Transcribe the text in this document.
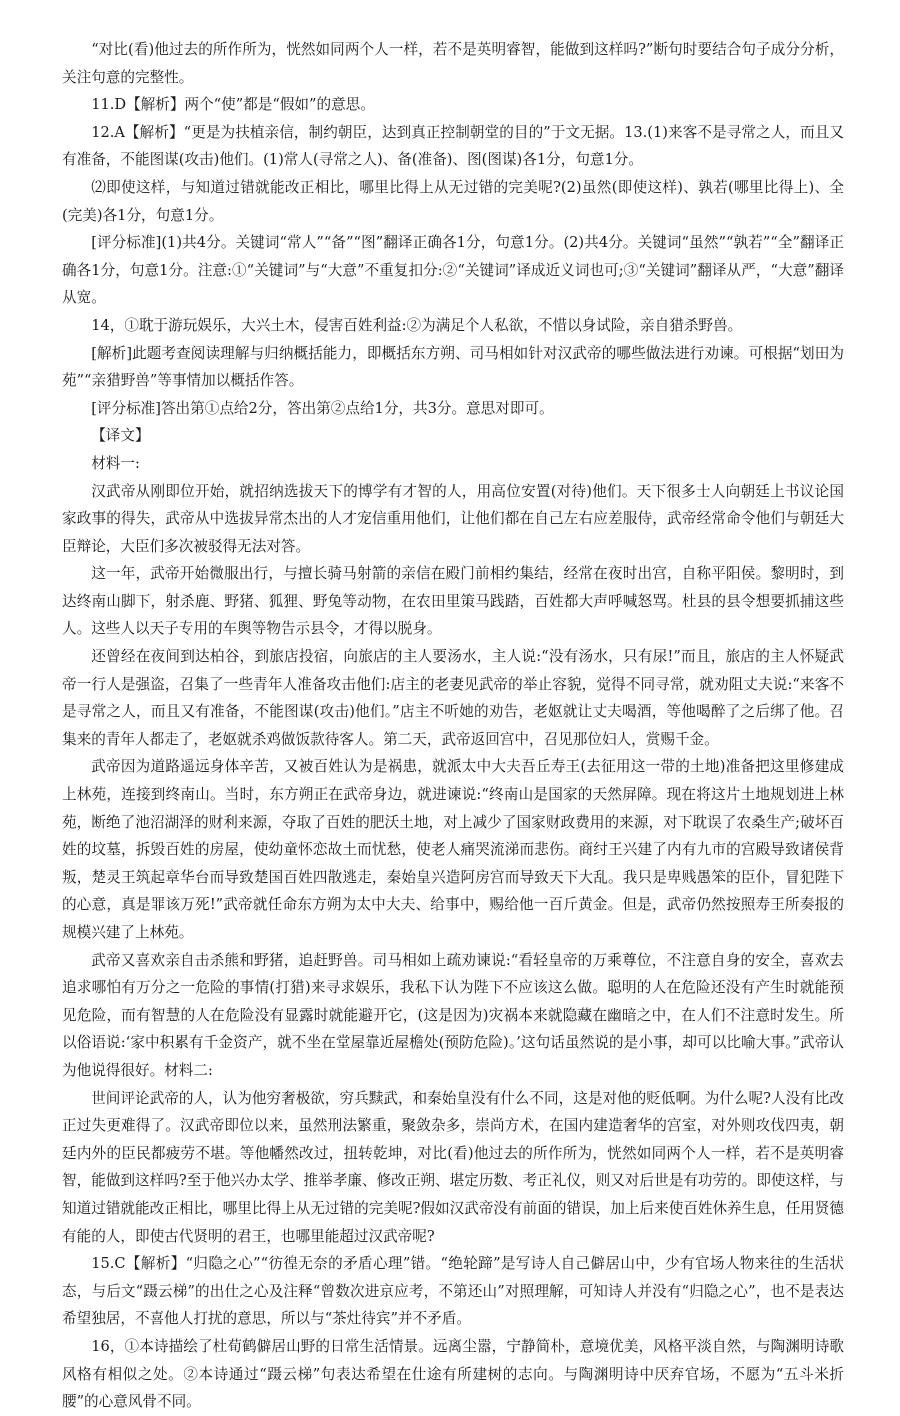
“对比(看)他过去的所作所为，恍然如同两个人一样，若不是英明睿智，能做到这样吗?”断句时要结合句子成分分析，关注句意的完整性。

11.D【解析】两个“使”都是“假如”的意思。

12.A【解析】“更是为扶植亲信，制约朝臣，达到真正控制朝堂的目的”于文无据。13.(1)来客不是寻常之人，而且又有准备，不能图谋(攻击)他们。(1)常人(寻常之人)、备(准备)、图(图谋)各1分，句意1分。

⑵即使这样，与知道过错就能改正相比，哪里比得上从无过错的完美呢?(2)虽然(即使这样)、孰若(哪里比得上)、全(完美)各1分，句意1分。

[评分标准](1)共4分。关键词“常人”“备”“图”翻译正确各1分，句意1分。(2)共4分。关键词“虽然”“孰若”“全”翻译正确各1分，句意1分。注意:①“关键词”与“大意”不重复扣分:②“关键词”译成近义词也可;③“关键词”翻译从严，“大意”翻译从宽。

14，①耽于游玩娱乐，大兴土木，侵害百姓利益:②为满足个人私欲，不惜以身试险，亲自猎杀野兽。

[解析]此题考查阅读理解与归纳概括能力，即概括东方朔、司马相如针对汉武帝的哪些做法进行劝谏。可根据“划田为苑”“亲猎野兽”等事情加以概括作答。

[评分标准]答出第①点给2分，答出第②点给1分，共3分。意思对即可。

【译文】

材料一:

汉武帝从刚即位开始，就招纳选拔天下的博学有才智的人，用高位安置(对待)他们。天下很多士人向朝廷上书议论国家政事的得失，武帝从中选拔异常杰出的人才宠信重用他们，让他们都在自己左右应差服侍，武帝经常命令他们与朝廷大臣辩论，大臣们多次被驳得无法对答。

这一年，武帝开始微服出行，与擅长骑马射箭的亲信在殿门前相约集结，经常在夜时出宫，自称平阳侯。黎明时，到达终南山脚下，射杀鹿、野猪、狐狸、野兔等动物，在农田里策马践踏，百姓都大声呼喊怒骂。杜县的县令想要抓捕这些人。这些人以天子专用的车舆等物告示县令，才得以脱身。

还曾经在夜间到达柏谷，到旅店投宿，向旅店的主人要汤水，主人说:“没有汤水，只有尿!”而且，旅店的主人怀疑武帝一行人是强盗，召集了一些青年人准备攻击他们:店主的老妻见武帝的举止容貌，觉得不同寻常，就劝阻丈夫说:“来客不是寻常之人，而且又有准备，不能图谋(攻击)他们。”店主不听她的劝告，老妪就让丈夫喝酒，等他喝醉了之后绑了他。召集来的青年人都走了，老妪就杀鸡做饭款待客人。第二天，武帝返回宫中，召见那位妇人，赏赐千金。

武帝因为道路遥远身体辛苦，又被百姓认为是祸患，就派太中大夫吾丘寿王(去征用这一带的土地)准备把这里修建成上林苑，连接到终南山。当时，东方朔正在武帝身边，就进谏说:“终南山是国家的天然屏障。现在将这片土地规划进上林苑，断绝了池沼湖泽的财利来源，夺取了百姓的肥沃土地，对上减少了国家财政费用的来源，对下耽误了农桑生产;破坏百姓的坟墓，拆毁百姓的房屋，使幼童怀恋故土而忧愁，使老人痛哭流涕而悲伤。商纣王兴建了内有九市的宫殿导致诸侯背叛，楚灵王筑起章华台而导致楚国百姓四散逃走，秦始皇兴造阿房宫而导致天下大乱。我只是卑贱愚笨的臣仆，冒犯陛下的心意，真是罪该万死!”武帝就任命东方朔为太中大夫、给事中，赐给他一百斤黄金。但是，武帝仍然按照寿王所奏报的规模兴建了上林苑。

武帝又喜欢亲自击杀熊和野猪，追赶野兽。司马相如上疏劝谏说:“看轻皇帝的万乘尊位，不注意自身的安全，喜欢去追求哪怕有万分之一危险的事情(打猎)来寻求娱乐，我私下认为陛下不应该这么做。聪明的人在危险还没有产生时就能预见危险，而有智慧的人在危险没有显露时就能避开它，(这是因为)灾祸本来就隐藏在幽暗之中，在人们不注意时发生。所以俗语说:‘家中积累有千金资产，就不坐在堂屋靠近屋檐处(预防危险)。’这句话虽然说的是小事，却可以比喻大事。”武帝认为他说得很好。材料二:

世间评论武帝的人，认为他穷奢极欲，穷兵黩武，和秦始皇没有什么不同，这是对他的贬低啊。为什么呢?人没有比改正过失更难得了。汉武帝即位以来，虽然刑法繁重，聚敛杂多，崇尚方术，在国内建造奢华的宫室，对外则攻伐四夷，朝廷内外的臣民都疲劳不堪。等他幡然改过，扭转乾坤，对比(看)他过去的所作所为，恍然如同两个人一样，若不是英明睿智，能做到这样吗?至于他兴办太学、推举孝廉、修改正朔、堪定历数、考正礼仪，则又对后世是有功劳的。即使这样，与知道过错就能改正相比，哪里比得上从无过错的完美呢?假如汉武帝没有前面的错误，加上后来使百姓休养生息，任用贤德有能的人，即使古代贤明的君王，也哪里能超过汉武帝呢?

15.C【解析】“归隐之心”“彷徨无奈的矛盾心理”错。“绝轮蹄”是写诗人自己僻居山中，少有官场人物来往的生活状态，与后文“蹑云梯”的出仕之心及注释“曾数次进京应考，不第还山”对照理解，可知诗人并没有“归隐之心”，也不是表达希望独居，不喜他人打扰的意思，所以与“茶灶待宾”并不矛盾。

16，①本诗描绘了杜荀鹤僻居山野的日常生活情景。远离尘嚣，宁静简朴，意境优美，风格平淡自然，与陶渊明诗歌风格有相似之处。②本诗通过“蹑云梯”句表达希望在仕途有所建树的志向。与陶渊明诗中厌弃官场，不愿为“五斗米折腰”的心意风骨不同。
